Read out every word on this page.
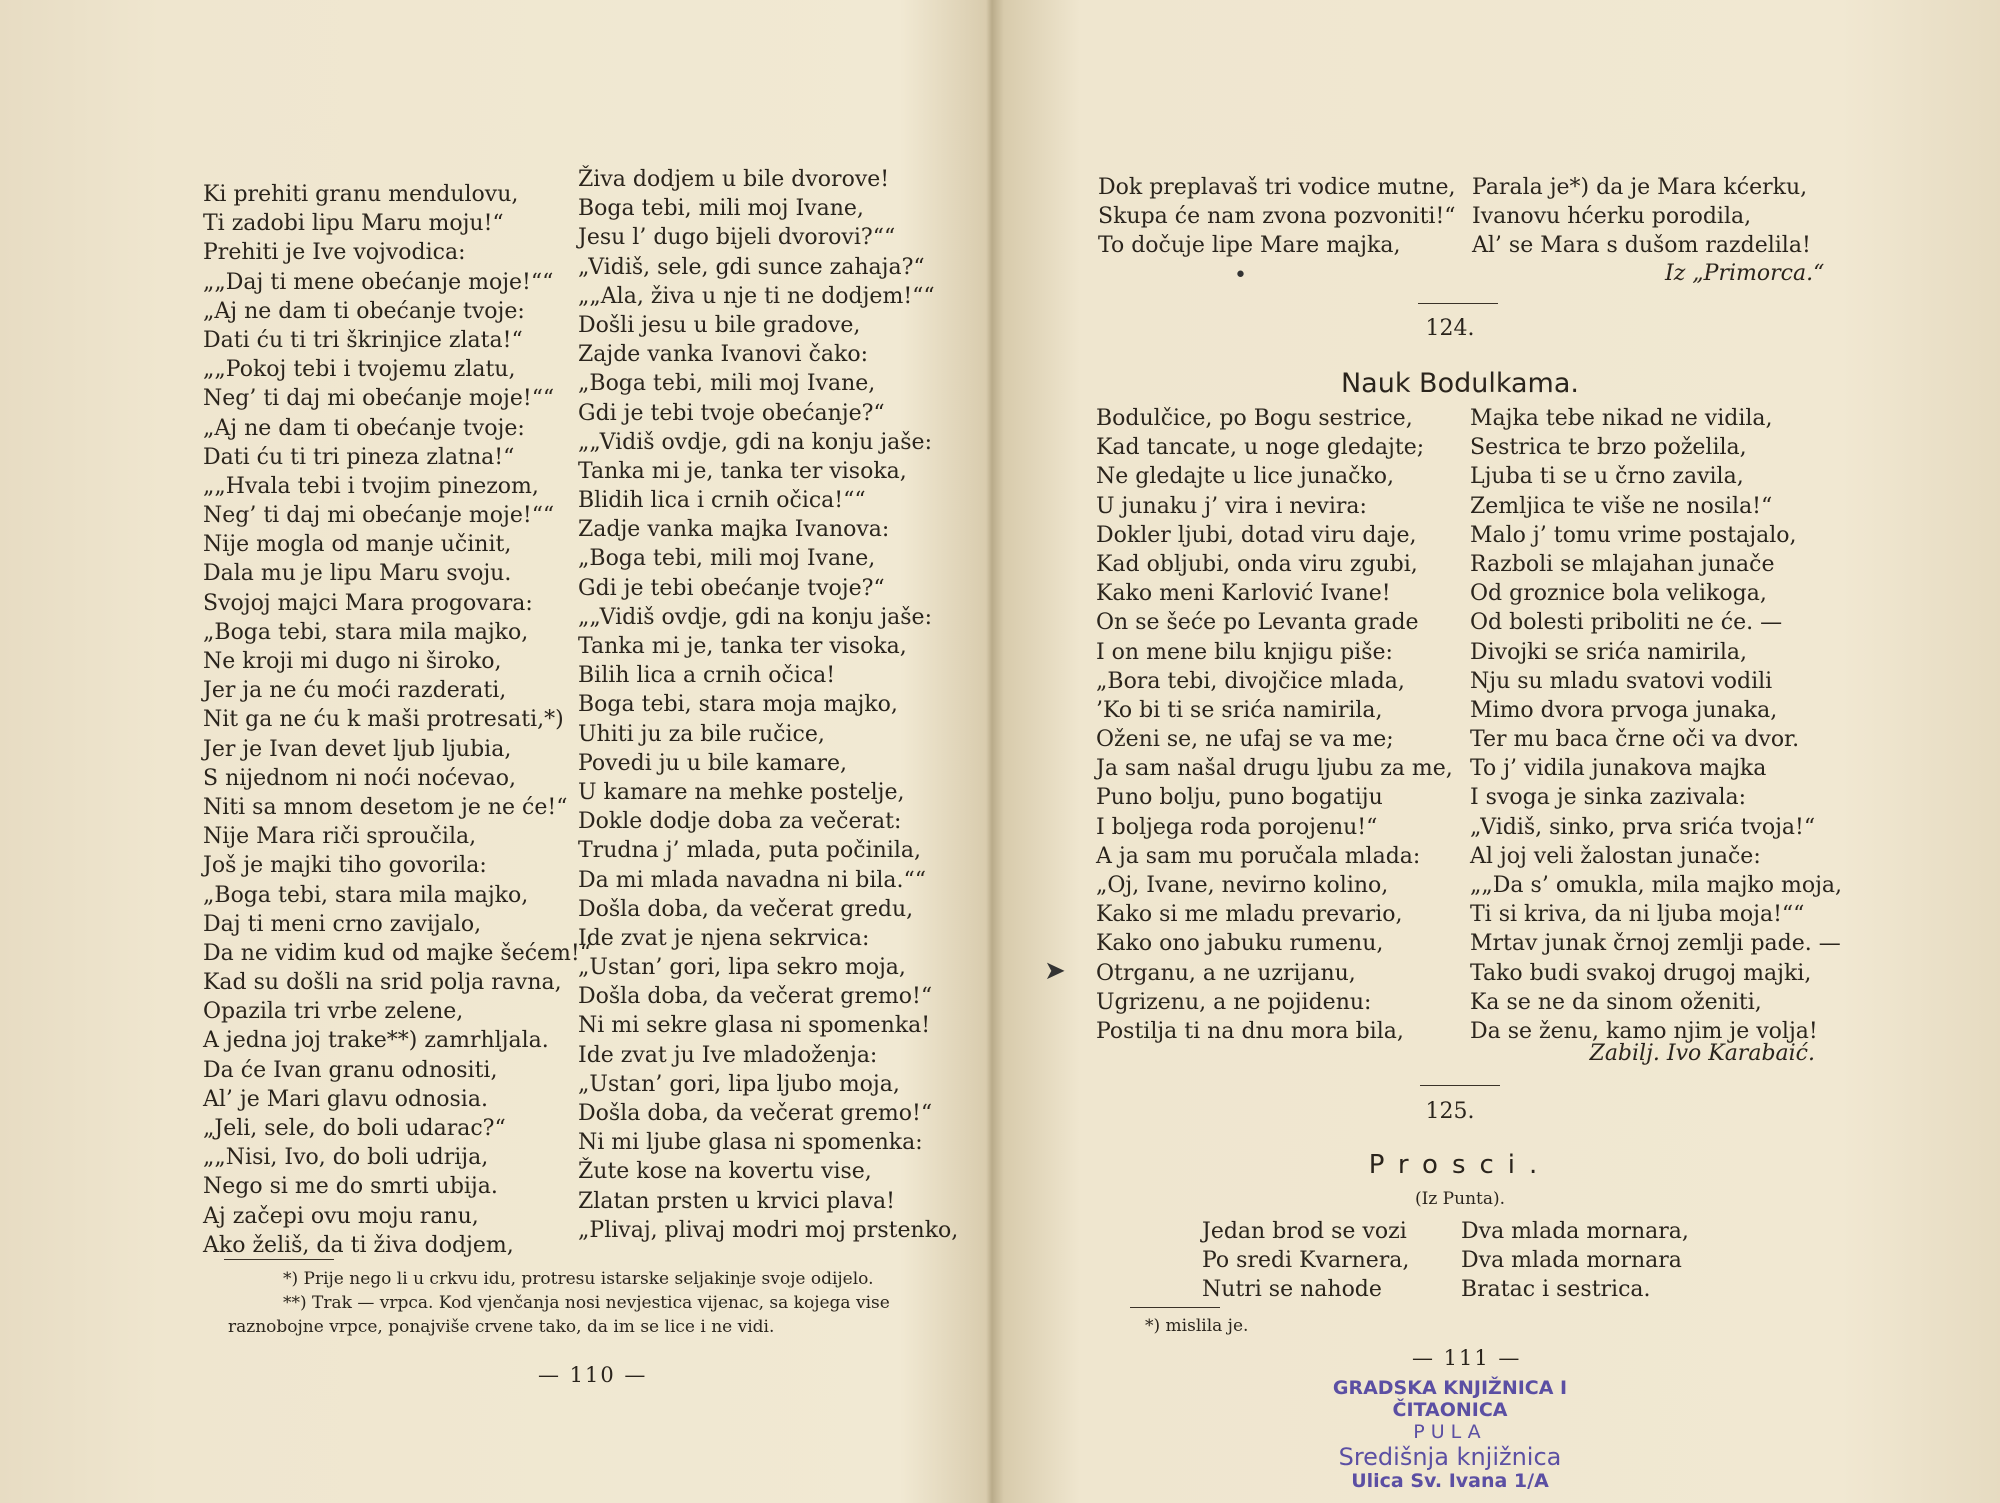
Ki prehiti granu mendulovu,
Ti zadobi lipu Maru moju!“
Prehiti je Ive vojvodica:
„„Daj ti mene obećanje moje!““
„Aj ne dam ti obećanje tvoje:
Dati ću ti tri škrinjice zlata!“
„„Pokoj tebi i tvojemu zlatu,
Neg’ ti daj mi obećanje moje!““
„Aj ne dam ti obećanje tvoje:
Dati ću ti tri pineza zlatna!“
„„Hvala tebi i tvojim pinezom,
Neg’ ti daj mi obećanje moje!““
Nije mogla od manje učinit,
Dala mu je lipu Maru svoju.
Svojoj majci Mara progovara:
„Boga tebi, stara mila majko,
Ne kroji mi dugo ni široko,
Jer ja ne ću moći razderati,
Nit ga ne ću k maši protresati,*)
Jer je Ivan devet ljub ljubia,
S nijednom ni noći noćevao,
Niti sa mnom desetom je ne će!“
Nije Mara riči sproučila,
Još je majki tiho govorila:
„Boga tebi, stara mila majko,
Daj ti meni crno zavijalo,
Da ne vidim kud od majke šećem!“
Kad su došli na srid polja ravna,
Opazila tri vrbe zelene,
A jedna joj trake**) zamrhljala.
Da će Ivan granu odnositi,
Al’ je Mari glavu odnosia.
„Jeli, sele, do boli udarac?“
„„Nisi, Ivo, do boli udrija,
Nego si me do smrti ubija.
Aj začepi ovu moju ranu,
Ako želiš, da ti živa dodjem,
Živa dodjem u bile dvorove!
Boga tebi, mili moj Ivane,
Jesu l’ dugo bijeli dvorovi?““
„Vidiš, sele, gdi sunce zahaja?“
„„Ala, živa u nje ti ne dodjem!““
Došli jesu u bile gradove,
Zajde vanka Ivanovi čako:
„Boga tebi, mili moj Ivane,
Gdi je tebi tvoje obećanje?“
„„Vidiš ovdje, gdi na konju jaše:
Tanka mi je, tanka ter visoka,
Blidih lica i crnih očica!““
Zadje vanka majka Ivanova:
„Boga tebi, mili moj Ivane,
Gdi je tebi obećanje tvoje?“
„„Vidiš ovdje, gdi na konju jaše:
Tanka mi je, tanka ter visoka,
Bilih lica a crnih očica!
Boga tebi, stara moja majko,
Uhiti ju za bile ručice,
Povedi ju u bile kamare,
U kamare na mehke postelje,
Dokle dodje doba za večerat:
Trudna j’ mlada, puta počinila,
Da mi mlada navadna ni bila.““
Došla doba, da večerat gredu,
Ide zvat je njena sekrvica:
„Ustan’ gori, lipa sekro moja,
Došla doba, da večerat gremo!“
Ni mi sekre glasa ni spomenka!
Ide zvat ju Ive mladoženja:
„Ustan’ gori, lipa ljubo moja,
Došla doba, da večerat gremo!“
Ni mi ljube glasa ni spomenka:
Žute kose na kovertu vise,
Zlatan prsten u krvici plava!
„Plivaj, plivaj modri moj prstenko,
*) Prije nego li u crkvu idu, protresu istarske seljakinje svoje odijelo.
**) Trak — vrpca. Kod vjenčanja nosi nevjestica vijenac, sa kojega vise
raznobojne vrpce, ponajviše crvene tako, da im se lice i ne vidi.
— 110 —
Dok preplavaš tri vodice mutne,
Skupa će nam zvona pozvoniti!“
To dočuje lipe Mare majka,
Parala je*) da je Mara kćerku,
Ivanovu hćerku porodila,
Al’ se Mara s dušom razdelila!
Iz „Primorca.“
•
124.
Nauk Bodulkama.
Bodulčice, po Bogu sestrice,
Kad tancate, u noge gledajte;
Ne gledajte u lice junačko,
U junaku j’ vira i nevira:
Dokler ljubi, dotad viru daje,
Kad obljubi, onda viru zgubi,
Kako meni Karlović Ivane!
On se šeće po Levanta grade
I on mene bilu knjigu piše:
„Bora tebi, divojčice mlada,
’Ko bi ti se srića namirila,
Oženi se, ne ufaj se va me;
Ja sam našal drugu ljubu za me,
Puno bolju, puno bogatiju
I boljega roda porojenu!“
A ja sam mu poručala mlada:
„Oj, Ivane, nevirno kolino,
Kako si me mladu prevario,
Kako ono jabuku rumenu,
Otrganu, a ne uzrijanu,
Ugrizenu, a ne pojidenu:
Postilja ti na dnu mora bila,
Majka tebe nikad ne vidila,
Sestrica te brzo poželila,
Ljuba ti se u črno zavila,
Zemljica te više ne nosila!“
Malo j’ tomu vrime postajalo,
Razboli se mlajahan junače
Od groznice bola velikoga,
Od bolesti priboliti ne će. —
Divojki se srića namirila,
Nju su mladu svatovi vodili
Mimo dvora prvoga junaka,
Ter mu baca črne oči va dvor.
To j’ vidila junakova majka
I svoga je sinka zazivala:
„Vidiš, sinko, prva srića tvoja!“
Al joj veli žalostan junače:
„„Da s’ omukla, mila majko moja,
Ti si kriva, da ni ljuba moja!““
Mrtav junak črnoj zemlji pade. —
Tako budi svakoj drugoj majki,
Ka se ne da sinom oženiti,
Da se ženu, kamo njim je volja!
Zabilj. Ivo Karabaić.
125.
Prosci.
(Iz Punta).
Jedan brod se vozi
Po sredi Kvarnera,
Nutri se nahode
Dva mlada mornara,
Dva mlada mornara
Bratac i sestrica.
*) mislila je.
— 111 —
GRADSKA KNJIŽNICA I ČITAONICA
PULA
Središnja knjižnica
Ulica Sv. Ivana 1/A
➤
